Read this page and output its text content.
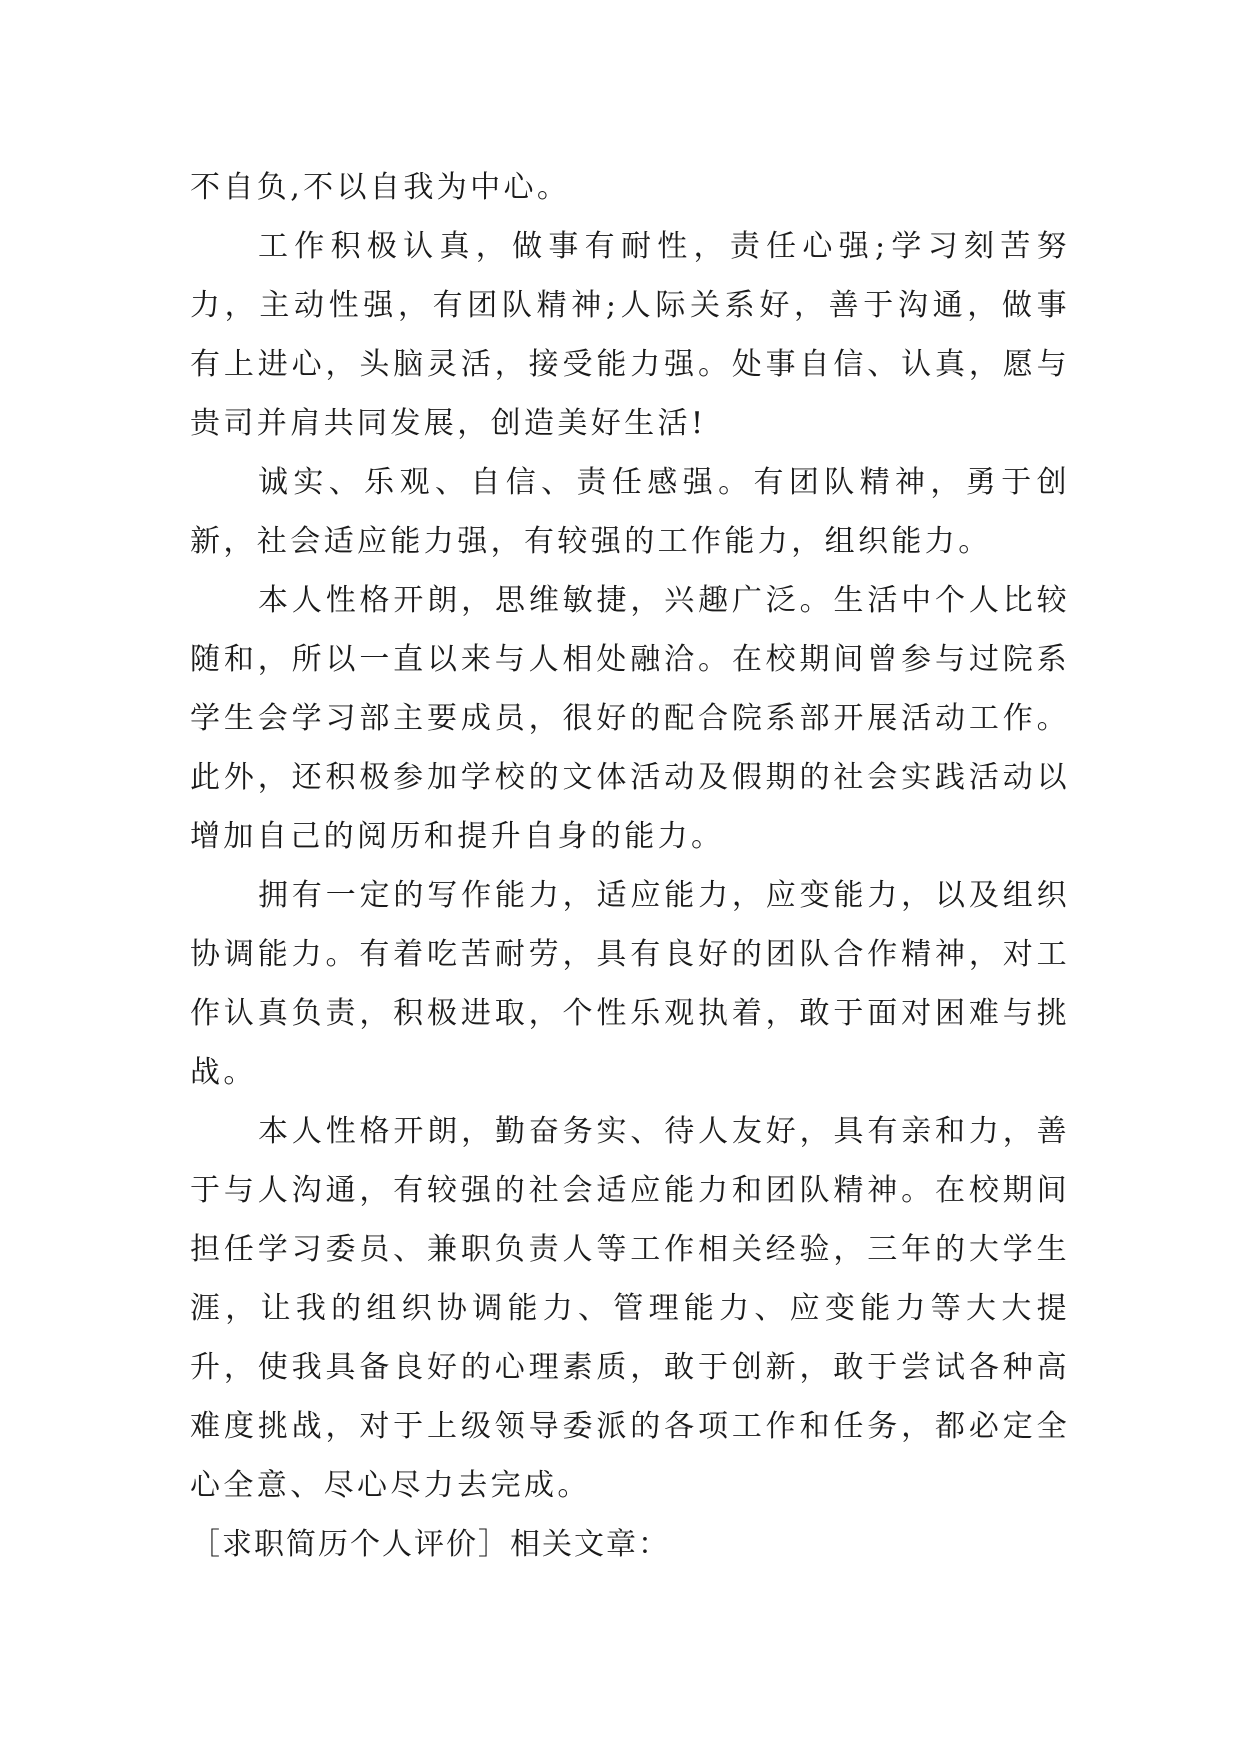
不自负,不以自我为中心。

工作积极认真，做事有耐性，责任心强;学习刻苦努力，主动性强，有团队精神;人际关系好，善于沟通，做事有上进心，头脑灵活，接受能力强。处事自信、认真，愿与贵司并肩共同发展，创造美好生活!

诚实、乐观、自信、责任感强。有团队精神，勇于创新，社会适应能力强，有较强的工作能力，组织能力。

本人性格开朗，思维敏捷，兴趣广泛。生活中个人比较随和，所以一直以来与人相处融洽。在校期间曾参与过院系学生会学习部主要成员，很好的配合院系部开展活动工作。此外，还积极参加学校的文体活动及假期的社会实践活动以增加自己的阅历和提升自身的能力。

拥有一定的写作能力，适应能力，应变能力，以及组织协调能力。有着吃苦耐劳，具有良好的团队合作精神，对工作认真负责，积极进取，个性乐观执着，敢于面对困难与挑战。

本人性格开朗，勤奋务实、待人友好，具有亲和力，善于与人沟通，有较强的社会适应能力和团队精神。在校期间担任学习委员、兼职负责人等工作相关经验，三年的大学生涯，让我的组织协调能力、管理能力、应变能力等大大提升，使我具备良好的心理素质，敢于创新，敢于尝试各种高难度挑战，对于上级领导委派的各项工作和任务，都必定全心全意、尽心尽力去完成。

［求职简历个人评价］相关文章：
